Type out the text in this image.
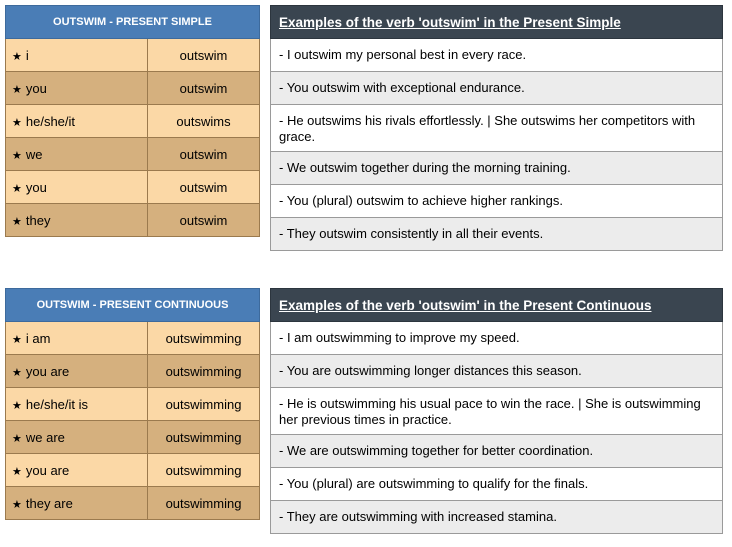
OUTSWIM - PRESENT SIMPLE	
★ i	outswim
★ you	outswim
★ he/she/it	outswims
★ we	outswim
★ you	outswim
★ they	outswim
Examples of the verb 'outswim' in the Present Simple
- I outswim my personal best in every race.
- You outswim with exceptional endurance.
- He outswims his rivals effortlessly. | She outswims her competitors with grace.
- We outswim together during the morning training.
- You (plural) outswim to achieve higher rankings.
- They outswim consistently in all their events.
OUTSWIM - PRESENT CONTINUOUS	
★ i am	outswimming
★ you are	outswimming
★ he/she/it is	outswimming
★ we are	outswimming
★ you are	outswimming
★ they are	outswimming
Examples of the verb 'outswim' in the Present Continuous
- I am outswimming to improve my speed.
- You are outswimming longer distances this season.
- He is outswimming his usual pace to win the race. | She is outswimming her previous times in practice.
- We are outswimming together for better coordination.
- You (plural) are outswimming to qualify for the finals.
- They are outswimming with increased stamina.
